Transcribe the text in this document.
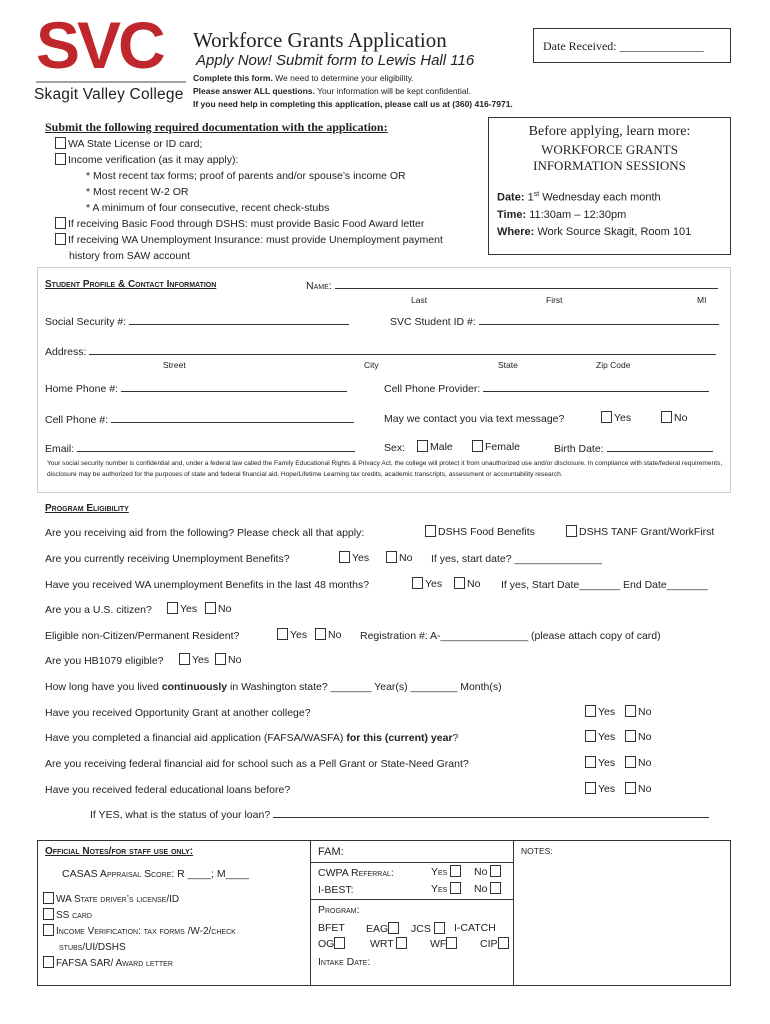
SVC
Skagit Valley College
Workforce Grants Application
Apply Now! Submit form to Lewis Hall 116
Date Received: ______________
Complete this form. We need to determine your eligibility.
Please answer ALL questions. Your information will be kept confidential.
If you need help in completing this application, please call us at (360) 416-7971.
Submit the following required documentation with the application:
WA State License or ID card;
Income verification (as it may apply):
* Most recent tax forms; proof of parents and/or spouse’s income OR
* Most recent W-2 OR
* A minimum of four consecutive, recent check-stubs
If receiving Basic Food through DSHS: must provide Basic Food Award letter
If receiving WA Unemployment Insurance: must provide Unemployment payment
history from SAW account
Before applying, learn more:
WORKFORCE GRANTS
INFORMATION SESSIONS
Date: 1st Wednesday each month
Time: 11:30am – 12:30pm
Where: Work Source Skagit, Room 101
Student Profile & Contact Information	Name:
Last	First	MI
Social Security #:	SVC Student ID #:
Address:
Street	City	State	Zip Code
Home Phone #:	Cell Phone Provider:
Cell Phone #:	May we contact you via text message?	Yes	No
Email:	Sex:	Male	Female	Birth Date:
Your social security number is confidential and, under a federal law called the Family Educational Rights & Privacy Act, the college will protect it from unauthorized use and/or disclosure. In compliance with state/federal requirements, disclosure may be authorized for the purposes of state and federal financial aid, Hope/Lifetime Learning tax credits, academic transcripts, assessment or accountability research.
Program Eligibility
Are you receiving aid from the following? Please check all that apply:	DSHS Food Benefits	DSHS TANF Grant/WorkFirst
Are you currently receiving Unemployment Benefits?	Yes	No If yes, start date? _______________
Have you received WA unemployment Benefits in the last 48 months?	Yes	No If yes, Start Date_______ End Date_______
Are you a U.S. citizen?	Yes	No
Eligible non-Citizen/Permanent Resident?	Yes	No Registration #: A-_______________ (please attach copy of card)
Are you HB1079 eligible?	Yes	No
How long have you lived continuously in Washington state? _______ Year(s) ________ Month(s)
Have you received Opportunity Grant at another college?	Yes	No
Have you completed a financial aid application (FAFSA/WASFA) for this (current) year?	Yes	No
Are you receiving federal financial aid for school such as a Pell Grant or State-Need Grant?	Yes	No
Have you received federal educational loans before?	Yes	No
If YES, what is the status of your loan?
Official Notes/for staff use only:
CASAS Appraisal Score: R ____; M____
WA State driver’s license/ID
SS card
Income Verification: tax forms /W-2/check
stubs/UI/DSHS
FAFSA SAR/ Award letter
FAM:
CWPA Referral:
I-BEST:
Yes	No
Yes	No
Program:
BFET EAG	JCS	I-CATCH
OG	WRT	WF	CIP
Intake Date:
NOTES:
